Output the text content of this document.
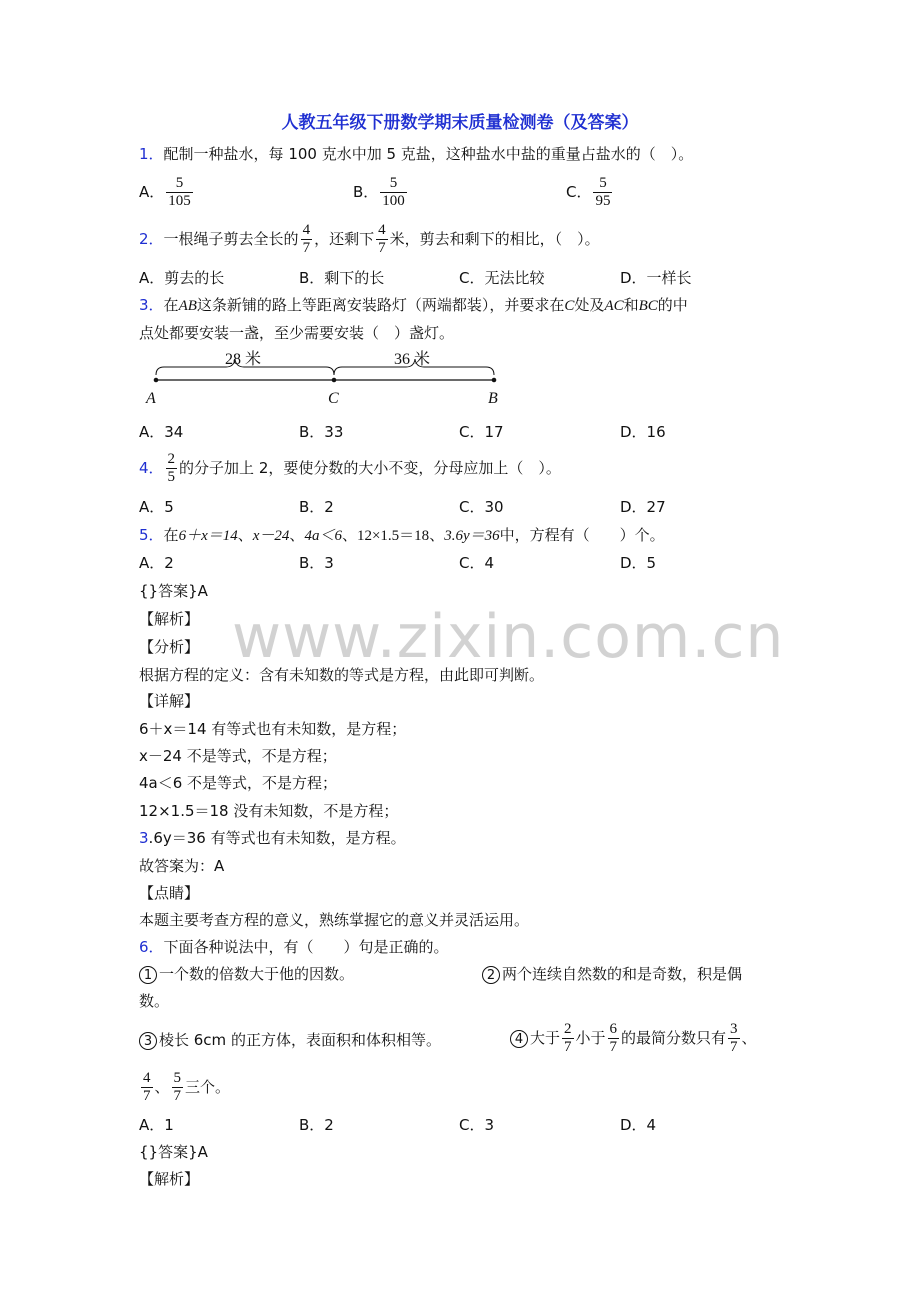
人教五年级下册数学期末质量检测卷（及答案）
1．配制一种盐水，每 100 克水中加 5 克盐，这种盐水中盐的重量占盐水的（　）。
A． $\frac{5}{105}$	B． $\frac{5}{100}$	C． $\frac{5}{95}$
2．一根绳子剪去全长的 $\frac{4}{7}$ ，还剩下 $\frac{4}{7}$ 米，剪去和剩下的相比，（　）。
A．剪去的长	B．剩下的长	C．无法比较	D．一样长
3．在AB这条新铺的路上等距离安装路灯（两端都装），并要求在C处及AC和BC的中
点处都要安装一盏，至少需要安装（　）盏灯。
28 米	36 米
A	C	B
A．34	B．33	C．17	D．16
4． $\frac{2}{5}$ 的分子加上 2，要使分数的大小不变，分母应加上（　）。
A．5	B．2	C．30	D．27
5．在6＋x＝14、x－24、4a＜6、12×1.5＝18、3.6y＝36中，方程有（　　）个。
A．2	B．3	C．4	D．5
{}答案}A
【解析】
【分析】
根据方程的定义：含有未知数的等式是方程，由此即可判断。
【详解】
6＋x＝14 有等式也有未知数，是方程；
x－24 不是等式，不是方程；
4a＜6 不是等式，不是方程；
12×1.5＝18 没有未知数，不是方程；
3.6y＝36 有等式也有未知数，是方程。
故答案为：A
【点睛】
本题主要考查方程的意义，熟练掌握它的意义并灵活运用。
6．下面各种说法中，有（　　）句是正确的。
1 一个数的倍数大于他的因数。	2 两个连续自然数的和是奇数，积是偶
数。
3 棱长 6cm 的正方体，表面积和体积相等。	4 大于 $\frac{2}{7}$ 小于 $\frac{6}{7}$ 的最简分数只有 $\frac{3}{7}$ 、
$\frac{4}{7}$ 、 $\frac{5}{7}$ 三个。
A．1	B．2	C．3	D．4
{}答案}A
【解析】
www.zixin.com.cn
